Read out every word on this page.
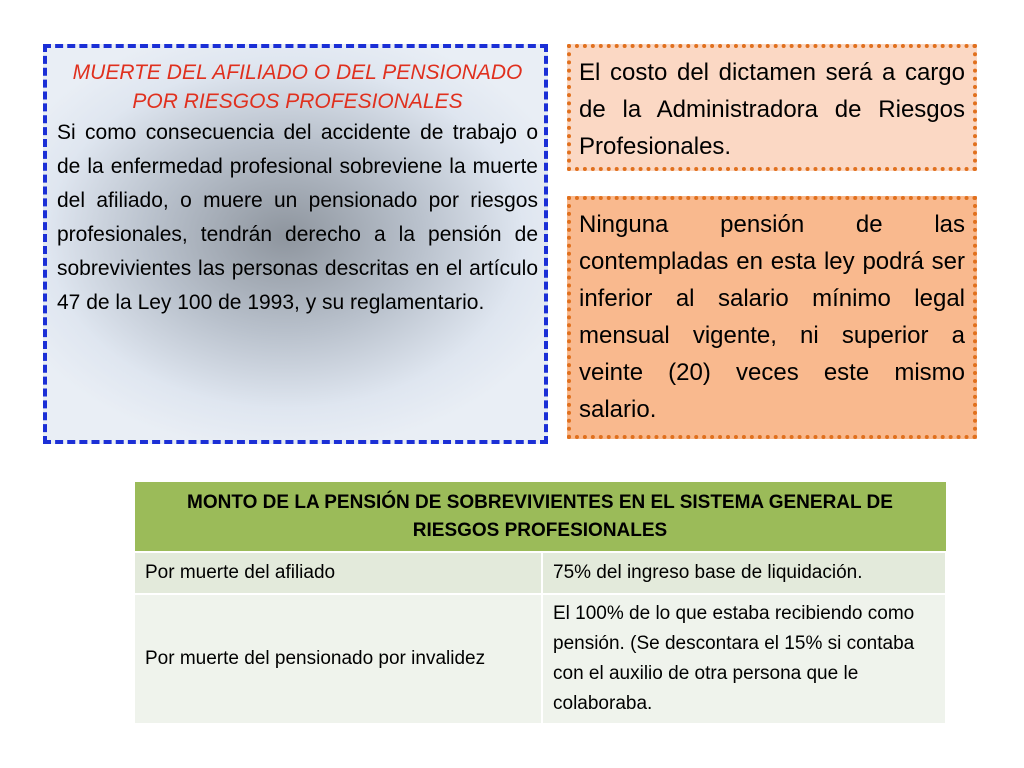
MUERTE DEL AFILIADO O DEL PENSIONADO POR RIESGOS PROFESIONALES

Si como consecuencia del accidente de trabajo o de la enfermedad profesional sobreviene la muerte del afiliado, o muere un pensionado por riesgos profesionales, tendrán derecho a la pensión de sobrevivientes las personas descritas en el artículo 47 de la Ley 100 de 1993, y su reglamentario.

El costo del dictamen será a cargo de la Administradora de Riesgos Profesionales.

Ninguna pensión de las contempladas en esta ley podrá ser inferior al salario mínimo legal mensual vigente, ni superior a veinte (20) veces este mismo salario.

MONTO DE LA PENSIÓN DE SOBREVIVIENTES EN EL SISTEMA GENERAL DE RIESGOS PROFESIONALES	
Por muerte del afiliado	75% del ingreso base de liquidación.
Por muerte del pensionado por invalidez	El 100% de lo que estaba recibiendo como pensión. (Se descontara el 15% si contaba con el auxilio de otra persona que le colaboraba.
